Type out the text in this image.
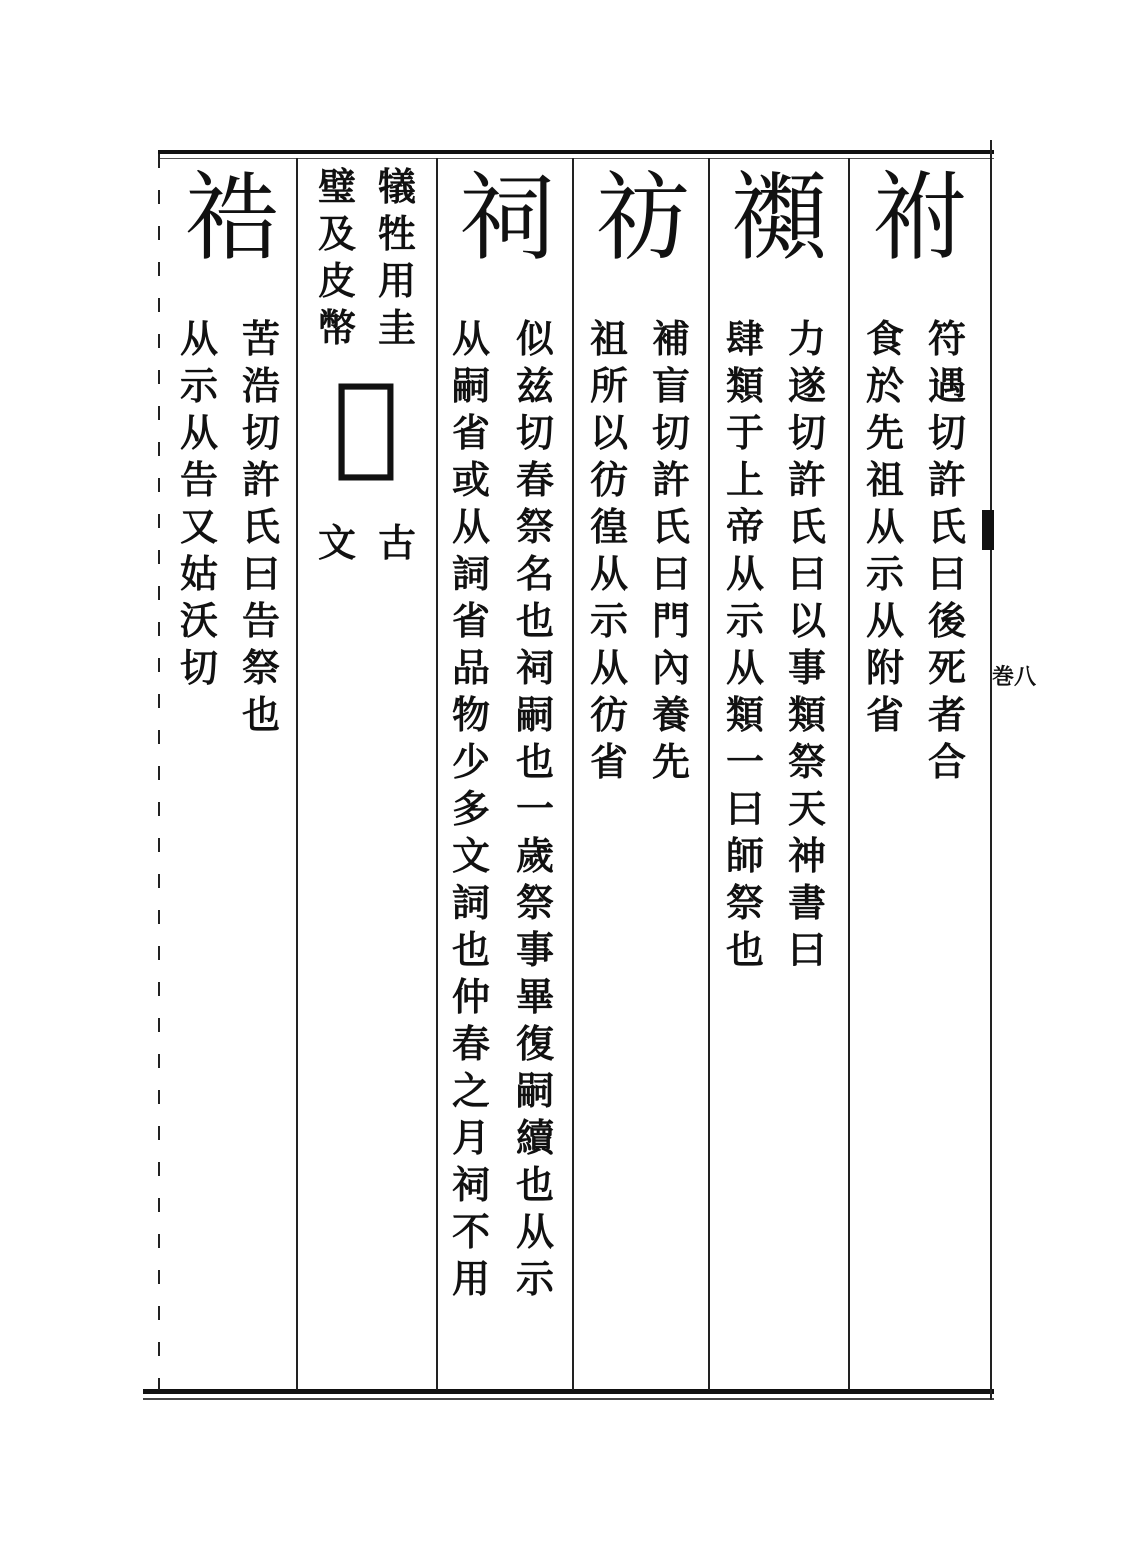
祔
符
遇
切
許
氏
曰
後
死
者
合
食
於
先
祖
从
示
从
附
省
禷
力
遂
切
許
氏
曰
以
事
類
祭
天
神
書
曰
肆
類
于
上
帝
从
示
从
類
一
曰
師
祭
也
祊
補
盲
切
許
氏
曰
門
內
養
先
祖
所
以
彷
徨
从
示
从
彷
省
祠
似
兹
切
春
祭
名
也
祠
嗣
也
一
歲
祭
事
畢
復
嗣
續
也
从
示
从
嗣
省
或
从
詞
省
品
物
少
多
文
詞
也
仲
春
之
月
祠
不
用
犠
牲
用
圭
璧
及
皮
幣
𥙡
古
文
祰
苦
浩
切
許
氏
曰
告
祭
也
从
示
从
告
又
姑
沃
切	巻八
